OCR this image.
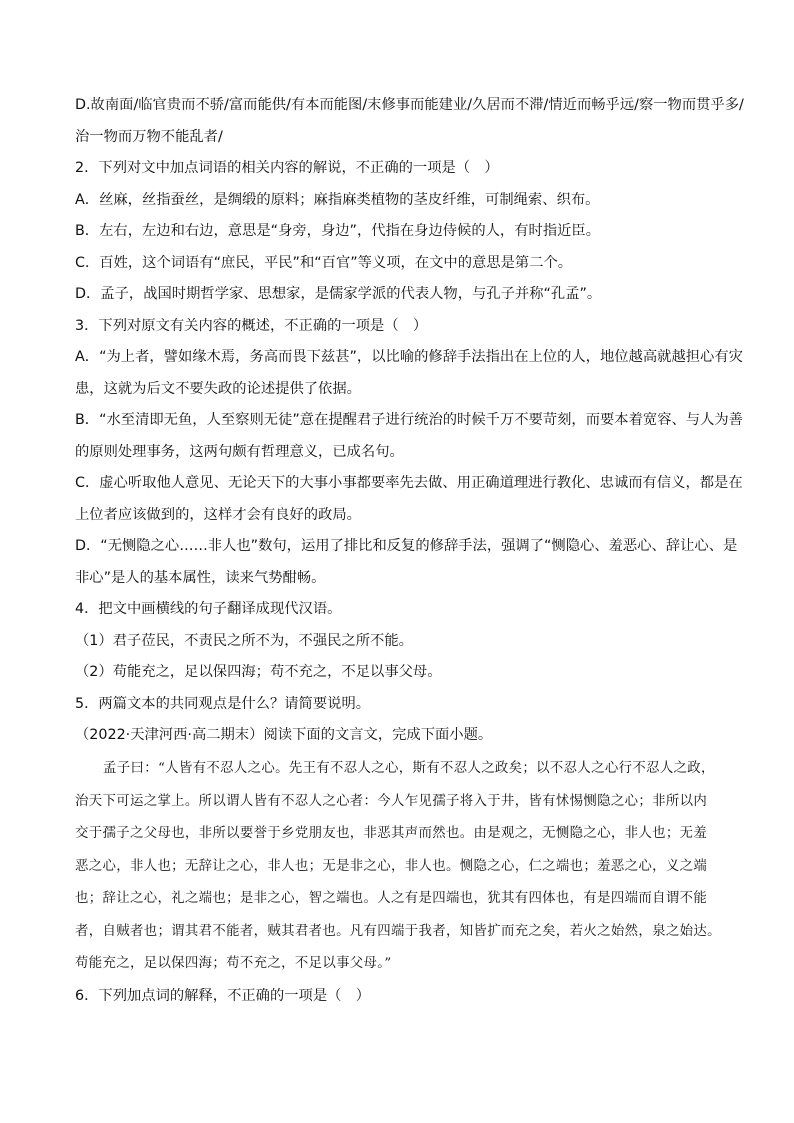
D.故南面/临官贵而不骄/富而能供/有本而能图/末修事而能建业/久居而不滞/情近而畅乎远/察一物而贯乎多/

治一物而万物不能乱者/

2．下列对文中加点词语的相关内容的解说，不正确的一项是（　）

A．丝麻，丝指蚕丝，是绸缎的原料；麻指麻类植物的茎皮纤维，可制绳索、织布。

B．左右，左边和右边，意思是“身旁，身边”，代指在身边侍候的人，有时指近臣。

C．百姓，这个词语有“庶民，平民”和“百官”等义项，在文中的意思是第二个。

D．孟子，战国时期哲学家、思想家，是儒家学派的代表人物，与孔子并称“孔孟”。

3．下列对原文有关内容的概述，不正确的一项是（　）

A．“为上者，譬如缘木焉，务高而畏下兹甚”，以比喻的修辞手法指出在上位的人，地位越高就越担心有灾

患，这就为后文不要失政的论述提供了依据。

B．“水至清即无鱼，人至察则无徒”意在提醒君子进行统治的时候千万不要苛刻，而要本着宽容、与人为善

的原则处理事务，这两句颇有哲理意义，已成名句。

C．虚心听取他人意见、无论天下的大事小事都要率先去做、用正确道理进行教化、忠诚而有信义，都是在

上位者应该做到的，这样才会有良好的政局。

D．“无恻隐之心……非人也”数句，运用了排比和反复的修辞手法，强调了“恻隐心、羞恶心、辞让心、是

非心”是人的基本属性，读来气势酣畅。

4．把文中画横线的句子翻译成现代汉语。

（1）君子莅民，不责民之所不为，不强民之所不能。

（2）苟能充之，足以保四海；苟不充之，不足以事父母。

5．两篇文本的共同观点是什么？请简要说明。

（2022·天津河西·高二期末）阅读下面的文言文，完成下面小题。

孟子曰：“人皆有不忍人之心。先王有不忍人之心，斯有不忍人之政矣；以不忍人之心行不忍人之政，

治天下可运之掌上。所以谓人皆有不忍人之心者：今人乍见孺子将入于井，皆有怵惕恻隐之心；非所以内

交于孺子之父母也，非所以要誉于乡党朋友也，非恶其声而然也。由是观之，无恻隐之心，非人也；无羞

恶之心，非人也；无辞让之心，非人也；无是非之心，非人也。恻隐之心，仁之端也；羞恶之心，义之端

也；辞让之心，礼之端也；是非之心，智之端也。人之有是四端也，犹其有四体也，有是四端而自谓不能

者，自贼者也；谓其君不能者，贼其君者也。凡有四端于我者，知皆扩而充之矣，若火之始然，泉之始达。

苟能充之，足以保四海；苟不充之，不足以事父母。”

6．下列加点词的解释，不正确的一项是（　）
